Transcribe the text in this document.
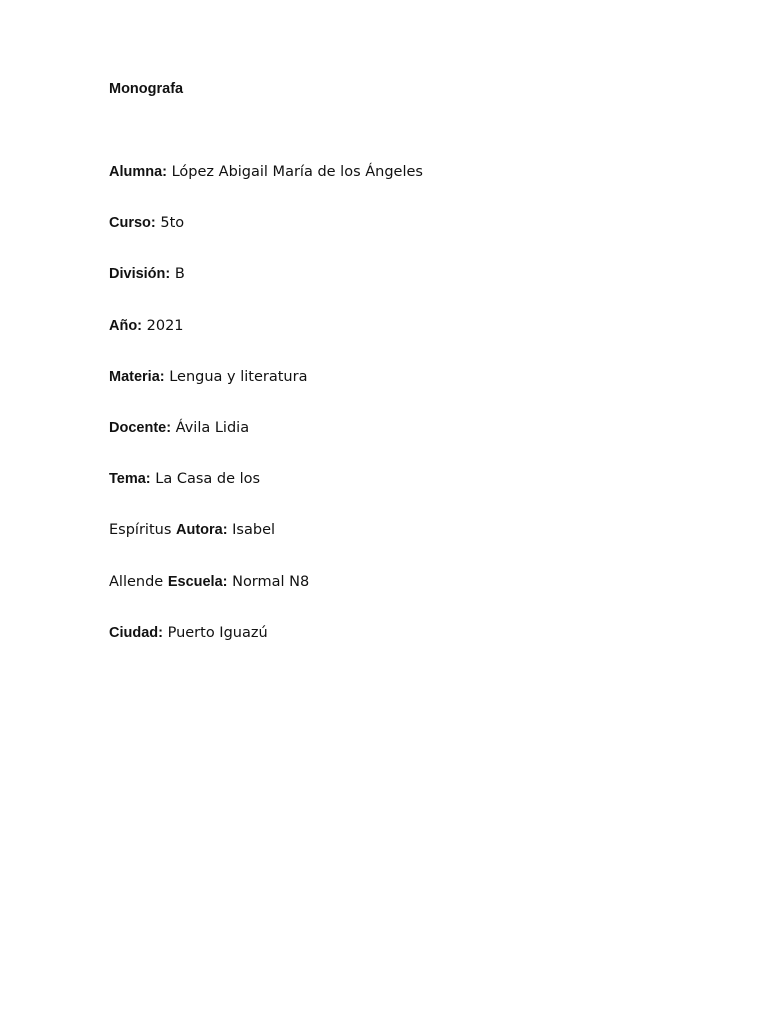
Monografa
Alumna: López Abigail María de los Ángeles
Curso: 5to
División: B
Año: 2021
Materia: Lengua y literatura
Docente: Ávila Lidia
Tema: La Casa de los
Espíritus Autora: Isabel
Allende Escuela: Normal N8
Ciudad: Puerto Iguazú
